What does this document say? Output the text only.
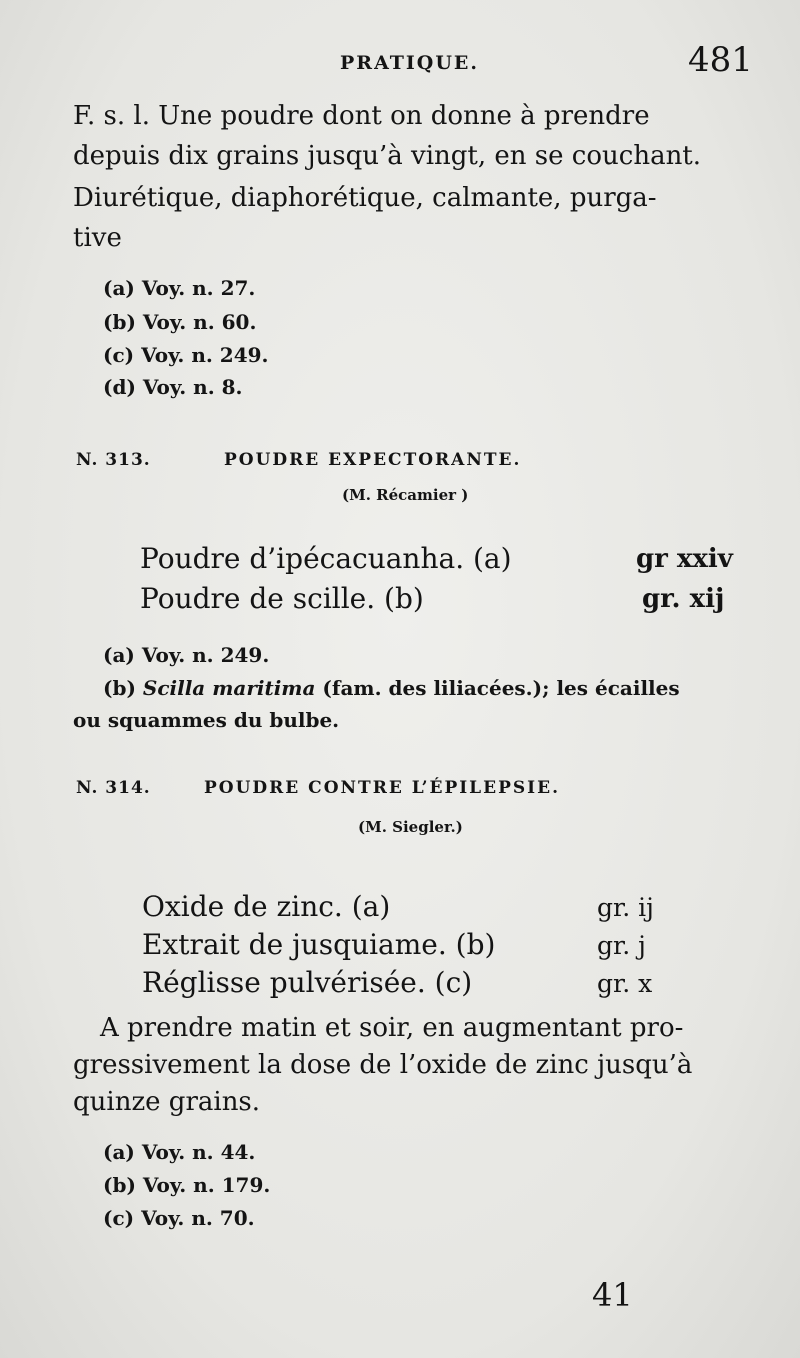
PRATIQUE.	481
F. s. l. Une poudre dont on donne à prendre
depuis dix grains jusqu’à vingt, en se couchant.
Diurétique, diaphorétique, calmante, purga-
tive
(a) Voy. n. 27.
(b) Voy. n. 60.
(c) Voy. n. 249.
(d) Voy. n. 8.
N. 313.	POUDRE EXPECTORANTE.
(M. Récamier )
Poudre d’ipécacuanha. (a)	gr xxiv
Poudre de scille. (b)	gr. xij
(a) Voy. n. 249.
(b) Scilla maritima (fam. des liliacées.); les écailles
ou squammes du bulbe.
N. 314.	POUDRE CONTRE L’ÉPILEPSIE.
(M. Siegler.)
Oxide de zinc. (a)	gr. ij
Extrait de jusquiame. (b)	gr. j
Réglisse pulvérisée. (c)	gr. x
A prendre matin et soir, en augmentant pro-
gressivement la dose de l’oxide de zinc jusqu’à
quinze grains.
(a) Voy. n. 44.
(b) Voy. n. 179.
(c) Voy. n. 70.
41
